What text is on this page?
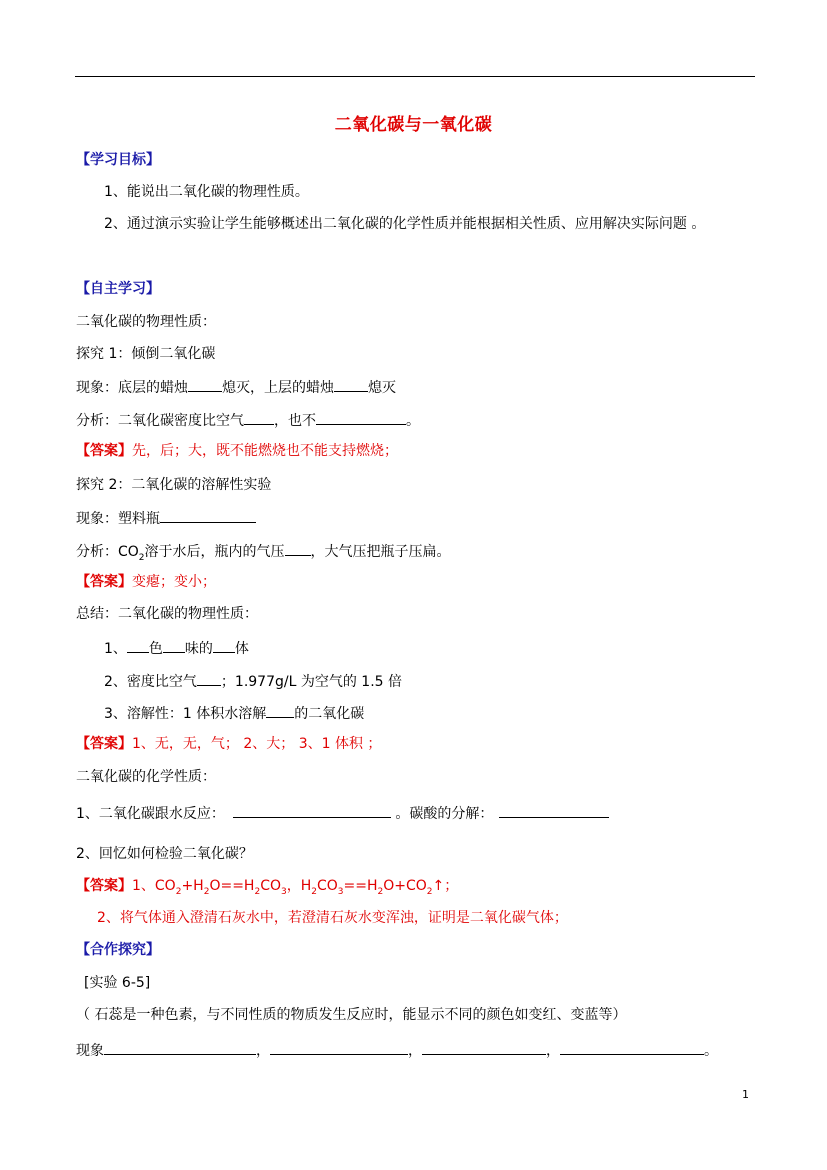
二氧化碳与一氧化碳
【学习目标】
1、能说出二氧化碳的物理性质。
2、通过演示实验让学生能够概述出二氧化碳的化学性质并能根据相关性质、应用解决实际问题 。
【自主学习】
二氧化碳的物理性质：
探究 1：倾倒二氧化碳
现象：底层的蜡烛 熄灭，上层的蜡烛 熄灭
分析：二氧化碳密度比空气 ，也不	。
【答案】先，后；大，既不能燃烧也不能支持燃烧；
探究 2：二氧化碳的溶解性实验
现象：塑料瓶
分析：$CO_2$溶于水后，瓶内的气压 ，大气压把瓶子压扁。
【答案】变瘪；变小；
总结：二氧化碳的物理性质：
1、 色 味的 体
2、密度比空气 ；1.977g/L 为空气的 1.5 倍
3、溶解性：1 体积水溶解 的二氧化碳
【答案】1、无，无，气； 2、大； 3、1 体积 ；
二氧化碳的化学性质：
1、二氧化碳跟水反应：	。碳酸的分解：
2、回忆如何检验二氧化碳？
【答案】1、$CO_2+H_2O==H_2CO_3$，$H_2CO_3==H_2O+CO_2↑$；
2、将气体通入澄清石灰水中，若澄清石灰水变浑浊，证明是二氧化碳气体；
【合作探究】
[实验 6-5]
（ 石蕊是一种色素，与不同性质的物质发生反应时，能显示不同的颜色如变红、变蓝等）
现象	，	，	，	。
1
